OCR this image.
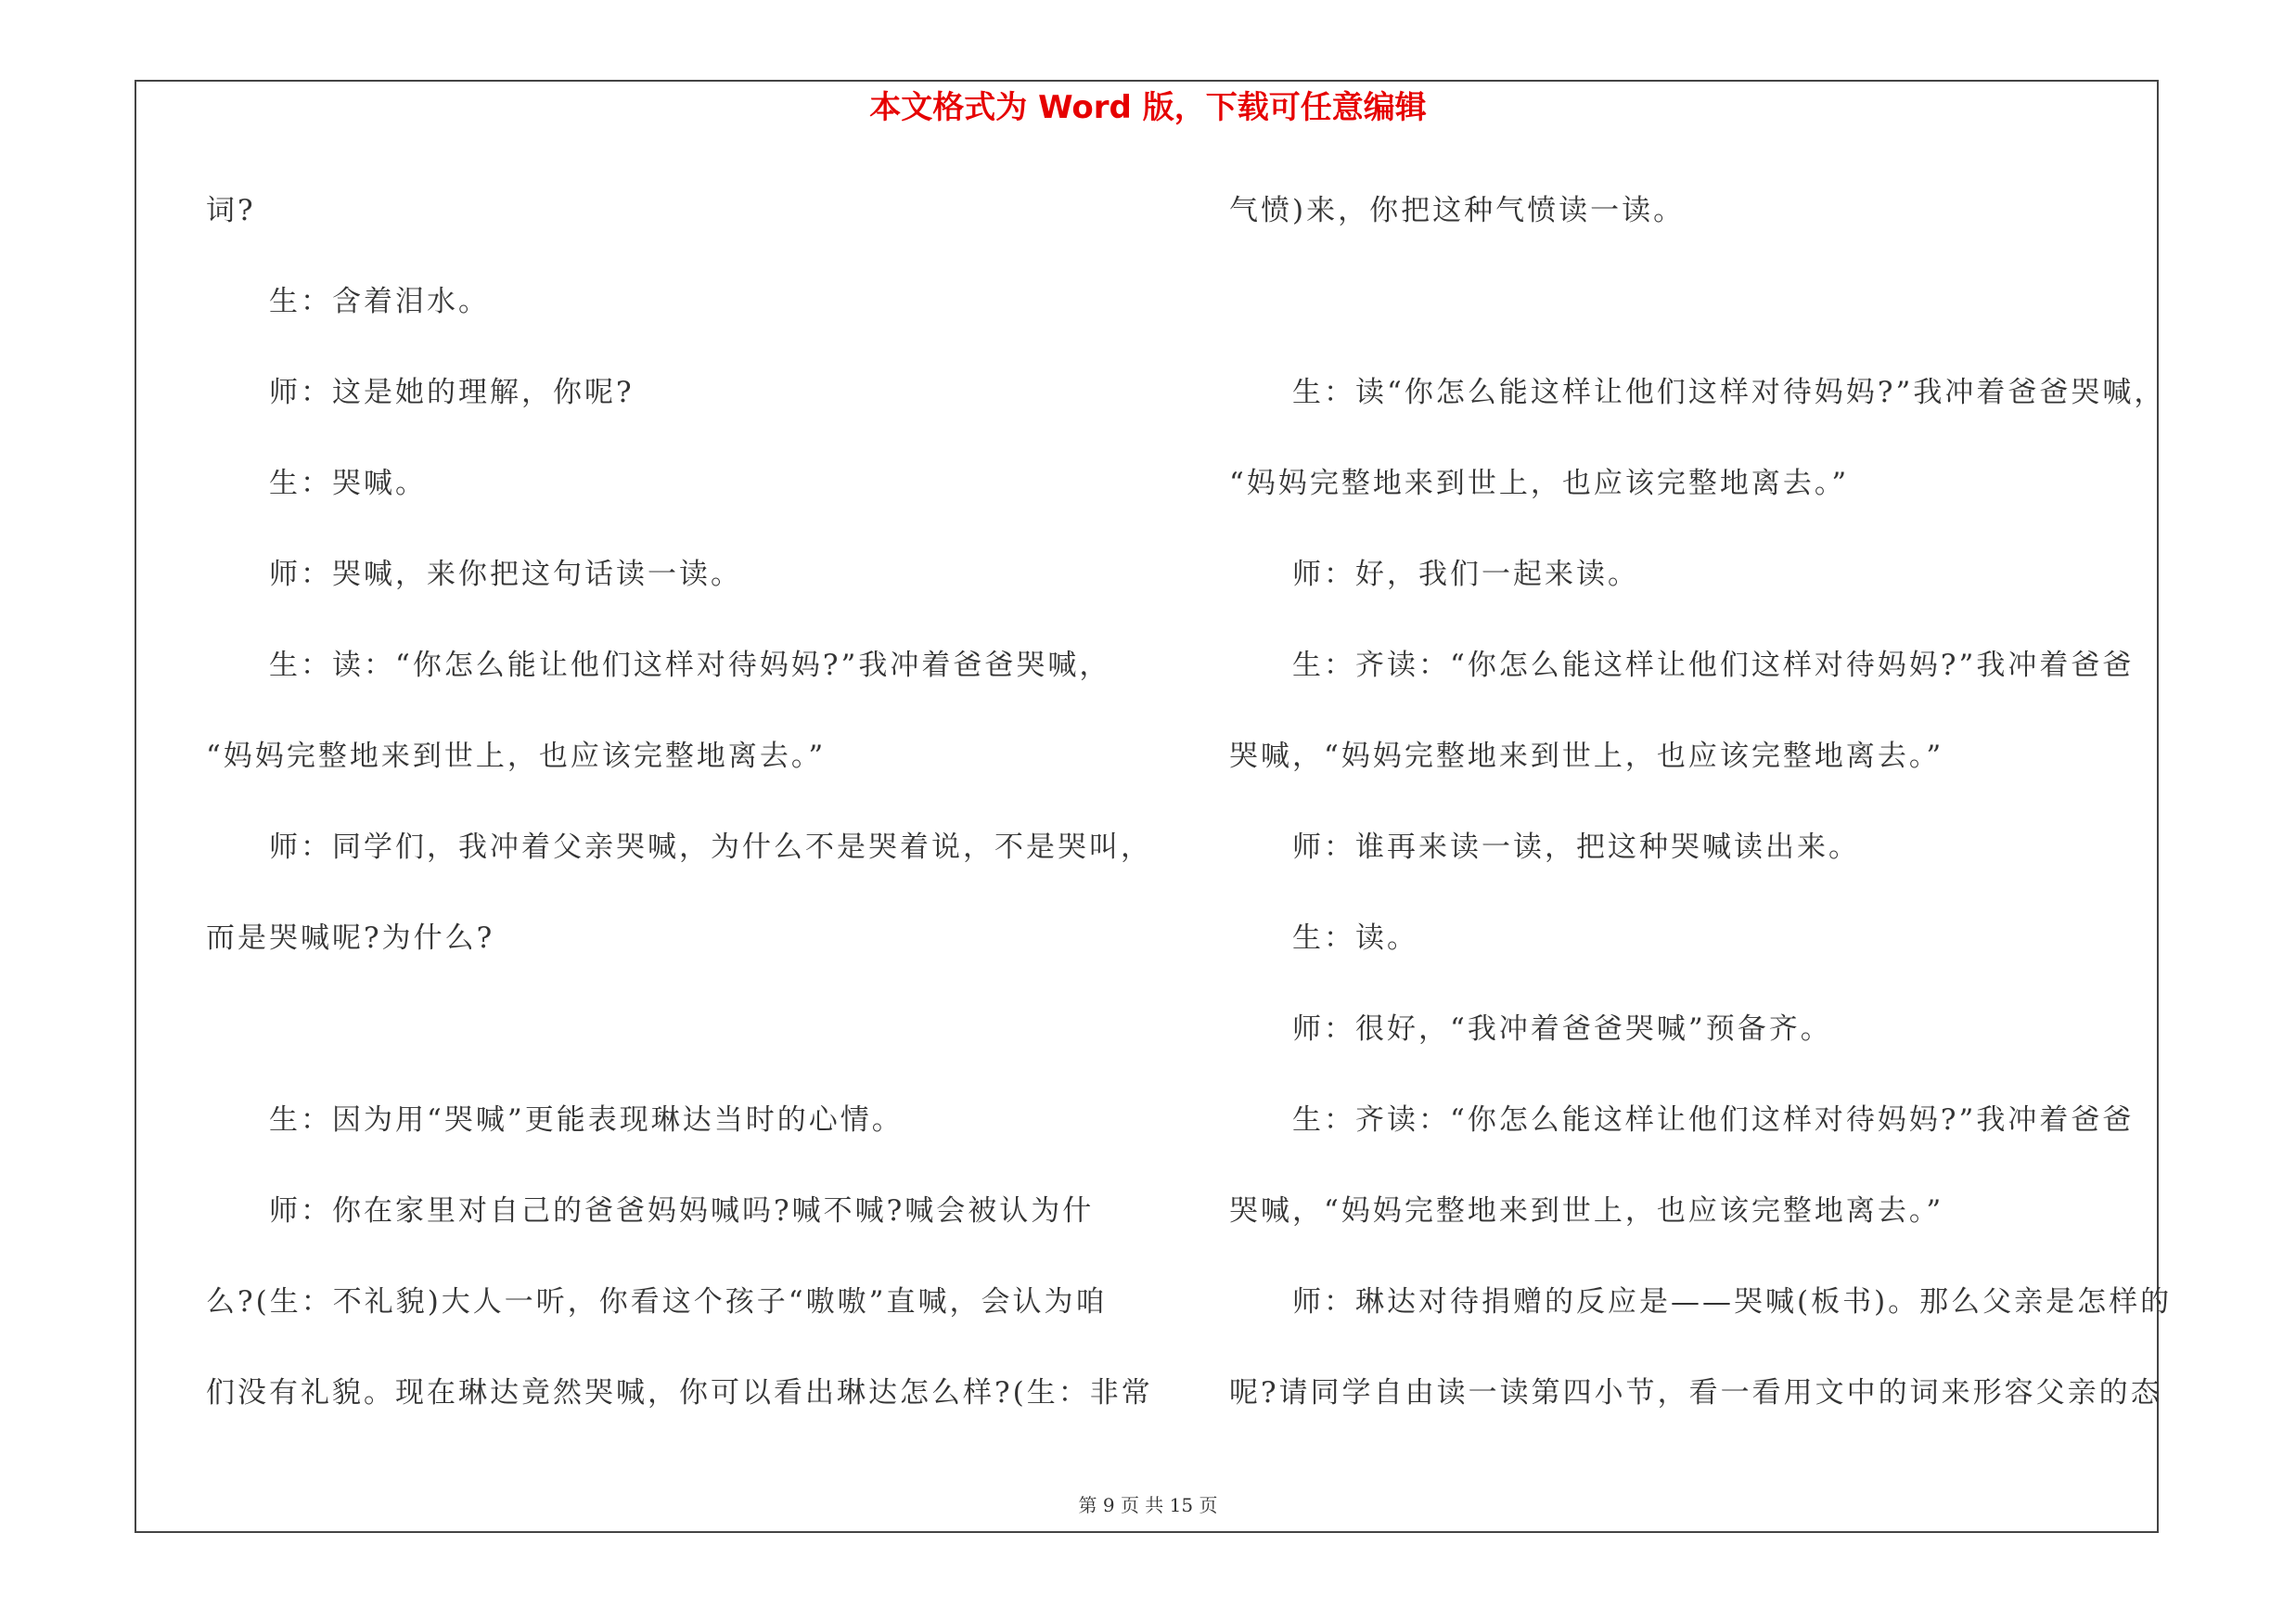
本文格式为 Word 版，下载可任意编辑
词?
生：含着泪水。
师：这是她的理解，你呢?
生：哭喊。
师：哭喊，来你把这句话读一读。
生：读：“你怎么能让他们这样对待妈妈?”我冲着爸爸哭喊，
“妈妈完整地来到世上，也应该完整地离去。”
师：同学们，我冲着父亲哭喊，为什么不是哭着说，不是哭叫，
而是哭喊呢?为什么?
生：因为用“哭喊”更能表现琳达当时的心情。
师：你在家里对自己的爸爸妈妈喊吗?喊不喊?喊会被认为什
么?(生：不礼貌)大人一听，你看这个孩子“嗷嗷”直喊，会认为咱
们没有礼貌。现在琳达竟然哭喊，你可以看出琳达怎么样?(生：非常
气愤)来，你把这种气愤读一读。
生：读“你怎么能这样让他们这样对待妈妈?”我冲着爸爸哭喊，
“妈妈完整地来到世上，也应该完整地离去。”
师：好，我们一起来读。
生：齐读：“你怎么能这样让他们这样对待妈妈?”我冲着爸爸
哭喊，“妈妈完整地来到世上，也应该完整地离去。”
师：谁再来读一读，把这种哭喊读出来。
生：读。
师：很好，“我冲着爸爸哭喊”预备齐。
生：齐读：“你怎么能这样让他们这样对待妈妈?”我冲着爸爸
哭喊，“妈妈完整地来到世上，也应该完整地离去。”
师：琳达对待捐赠的反应是——哭喊(板书)。那么父亲是怎样的
呢?请同学自由读一读第四小节，看一看用文中的词来形容父亲的态
第 9 页 共 15 页
